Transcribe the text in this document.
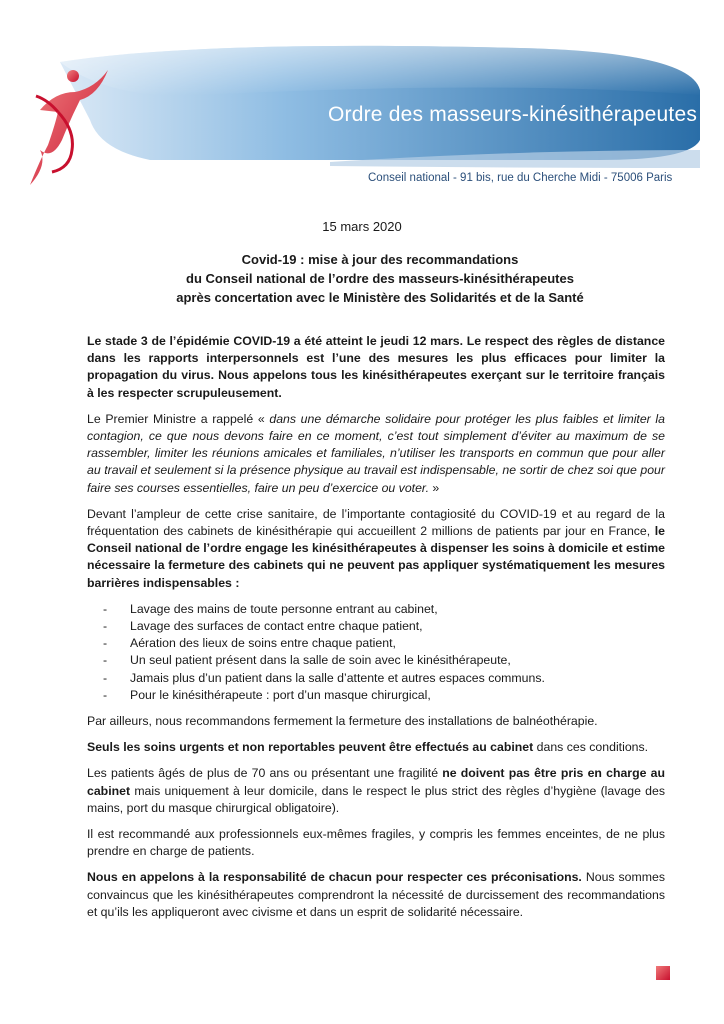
Ordre des masseurs-kinésithérapeutes
Conseil national - 91 bis, rue du Cherche Midi - 75006 Paris
15 mars 2020
Covid-19 : mise à jour des recommandations
du Conseil national de l’ordre des masseurs-kinésithérapeutes
après concertation avec le Ministère des Solidarités et de la Santé

Le stade 3 de l’épidémie COVID-19 a été atteint le jeudi 12 mars. Le respect des règles de distance dans les rapports interpersonnels est l’une des mesures les plus efficaces pour limiter la propagation du virus. Nous appelons tous les kinésithérapeutes exerçant sur le territoire français à les respecter scrupuleusement.

Le Premier Ministre a rappelé « dans une démarche solidaire pour protéger les plus faibles et limiter la contagion, ce que nous devons faire en ce moment, c’est tout simplement d’éviter au maximum de se rassembler, limiter les réunions amicales et familiales, n’utiliser les transports en commun que pour aller au travail et seulement si la présence physique au travail est indispensable, ne sortir de chez soi que pour faire ses courses essentielles, faire un peu d’exercice ou voter. »

Devant l’ampleur de cette crise sanitaire, de l’importante contagiosité du COVID-19 et au regard de la fréquentation des cabinets de kinésithérapie qui accueillent 2 millions de patients par jour en France, le Conseil national de l’ordre engage les kinésithérapeutes à dispenser les soins à domicile et estime nécessaire la fermeture des cabinets qui ne peuvent pas appliquer systématiquement les mesures barrières indispensables :

- Lavage des mains de toute personne entrant au cabinet,
- Lavage des surfaces de contact entre chaque patient,
- Aération des lieux de soins entre chaque patient,
- Un seul patient présent dans la salle de soin avec le kinésithérapeute,
- Jamais plus d’un patient dans la salle d’attente et autres espaces communs.
- Pour le kinésithérapeute : port d’un masque chirurgical,

Par ailleurs, nous recommandons fermement la fermeture des installations de balnéothérapie.

Seuls les soins urgents et non reportables peuvent être effectués au cabinet dans ces conditions.

Les patients âgés de plus de 70 ans ou présentant une fragilité ne doivent pas être pris en charge au cabinet mais uniquement à leur domicile, dans le respect le plus strict des règles d’hygiène (lavage des mains, port du masque chirurgical obligatoire).

Il est recommandé aux professionnels eux-mêmes fragiles, y compris les femmes enceintes, de ne plus prendre en charge de patients.

Nous en appelons à la responsabilité de chacun pour respecter ces préconisations. Nous sommes convaincus que les kinésithérapeutes comprendront la nécessité de durcissement des recommandations et qu’ils les appliqueront avec civisme et dans un esprit de solidarité nécessaire.
